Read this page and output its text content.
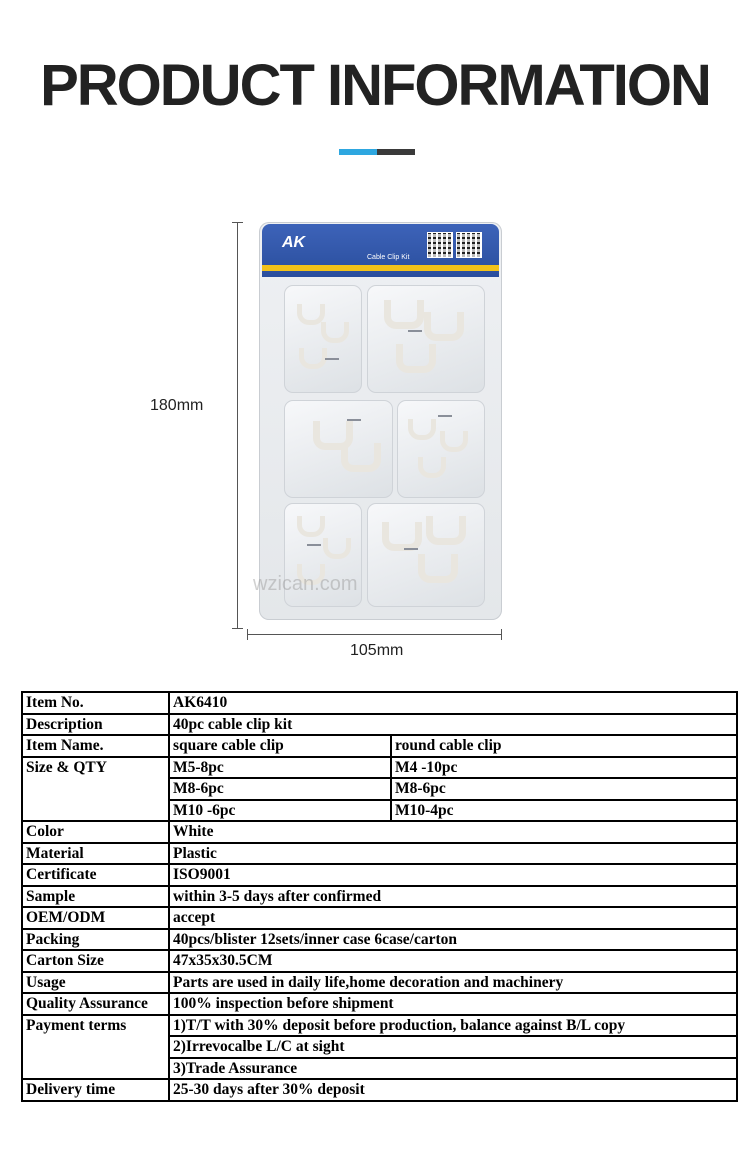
PRODUCT INFORMATION
180mm
105mm
AK
Cable Clip Kit
wzican.com
Item No.	AK6410	
Description	40pc cable clip kit	
Item Name.	square cable clip	round cable clip
Size & QTY	M5-8pc	M4 -10pc
	M8-6pc	M8-6pc
	M10 -6pc	M10-4pc
Color	White	
Material	Plastic	
Certificate	ISO9001	
Sample	within 3-5 days after confirmed	
OEM/ODM	accept	
Packing	40pcs/blister 12sets/inner case 6case/carton	
Carton Size	47x35x30.5CM	
Usage	Parts are used in daily life,home decoration and machinery	
Quality Assurance	100% inspection before shipment	
Payment terms	1)T/T with 30% deposit before production, balance against B/L copy	
	2)Irrevocalbe L/C at sight	
	3)Trade Assurance	
Delivery time	25-30 days after 30% deposit	
